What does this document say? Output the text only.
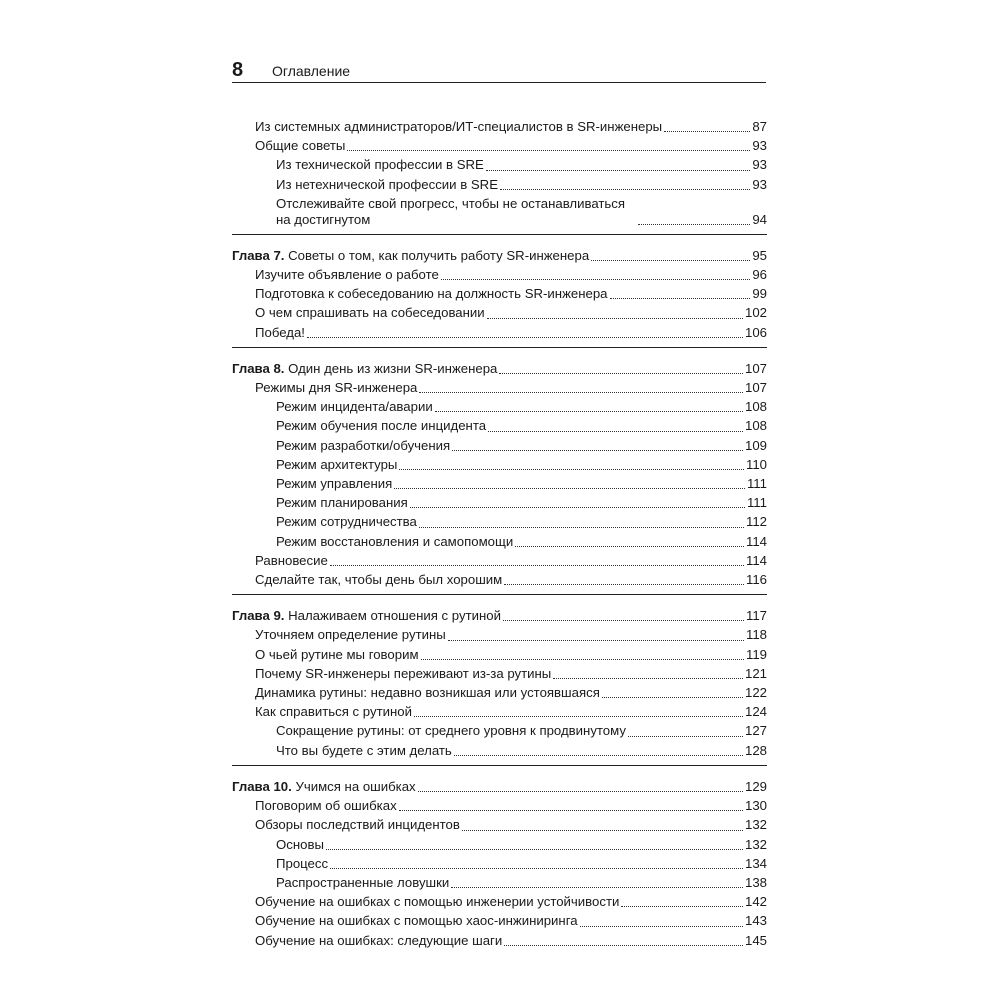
8 Оглавление
Из системных администраторов/ИТ-специалистов в SR-инженеры	87
Общие советы	93
Из технической профессии в SRE	93
Из нетехнической профессии в SRE	93
Отслеживайте свой прогресс, чтобы не останавливаться на достигнутом	94
Глава 7. Советы о том, как получить работу SR-инженера	95
Изучите объявление о работе	96
Подготовка к собеседованию на должность SR-инженера	99
О чем спрашивать на собеседовании	102
Победа!	106
Глава 8. Один день из жизни SR-инженера	107
Режимы дня SR-инженера	107
Режим инцидента/аварии	108
Режим обучения после инцидента	108
Режим разработки/обучения	109
Режим архитектуры	110
Режим управления	111
Режим планирования	111
Режим сотрудничества	112
Режим восстановления и самопомощи	114
Равновесие	114
Сделайте так, чтобы день был хорошим	116
Глава 9. Налаживаем отношения с рутиной	117
Уточняем определение рутины	118
О чьей рутине мы говорим	119
Почему SR-инженеры переживают из-за рутины	121
Динамика рутины: недавно возникшая или устоявшаяся	122
Как справиться с рутиной	124
Сокращение рутины: от среднего уровня к продвинутому	127
Что вы будете с этим делать	128
Глава 10. Учимся на ошибках	129
Поговорим об ошибках	130
Обзоры последствий инцидентов	132
Основы	132
Процесс	134
Распространенные ловушки	138
Обучение на ошибках с помощью инженерии устойчивости	142
Обучение на ошибках с помощью хаос-инжиниринга	143
Обучение на ошибках: следующие шаги	145
